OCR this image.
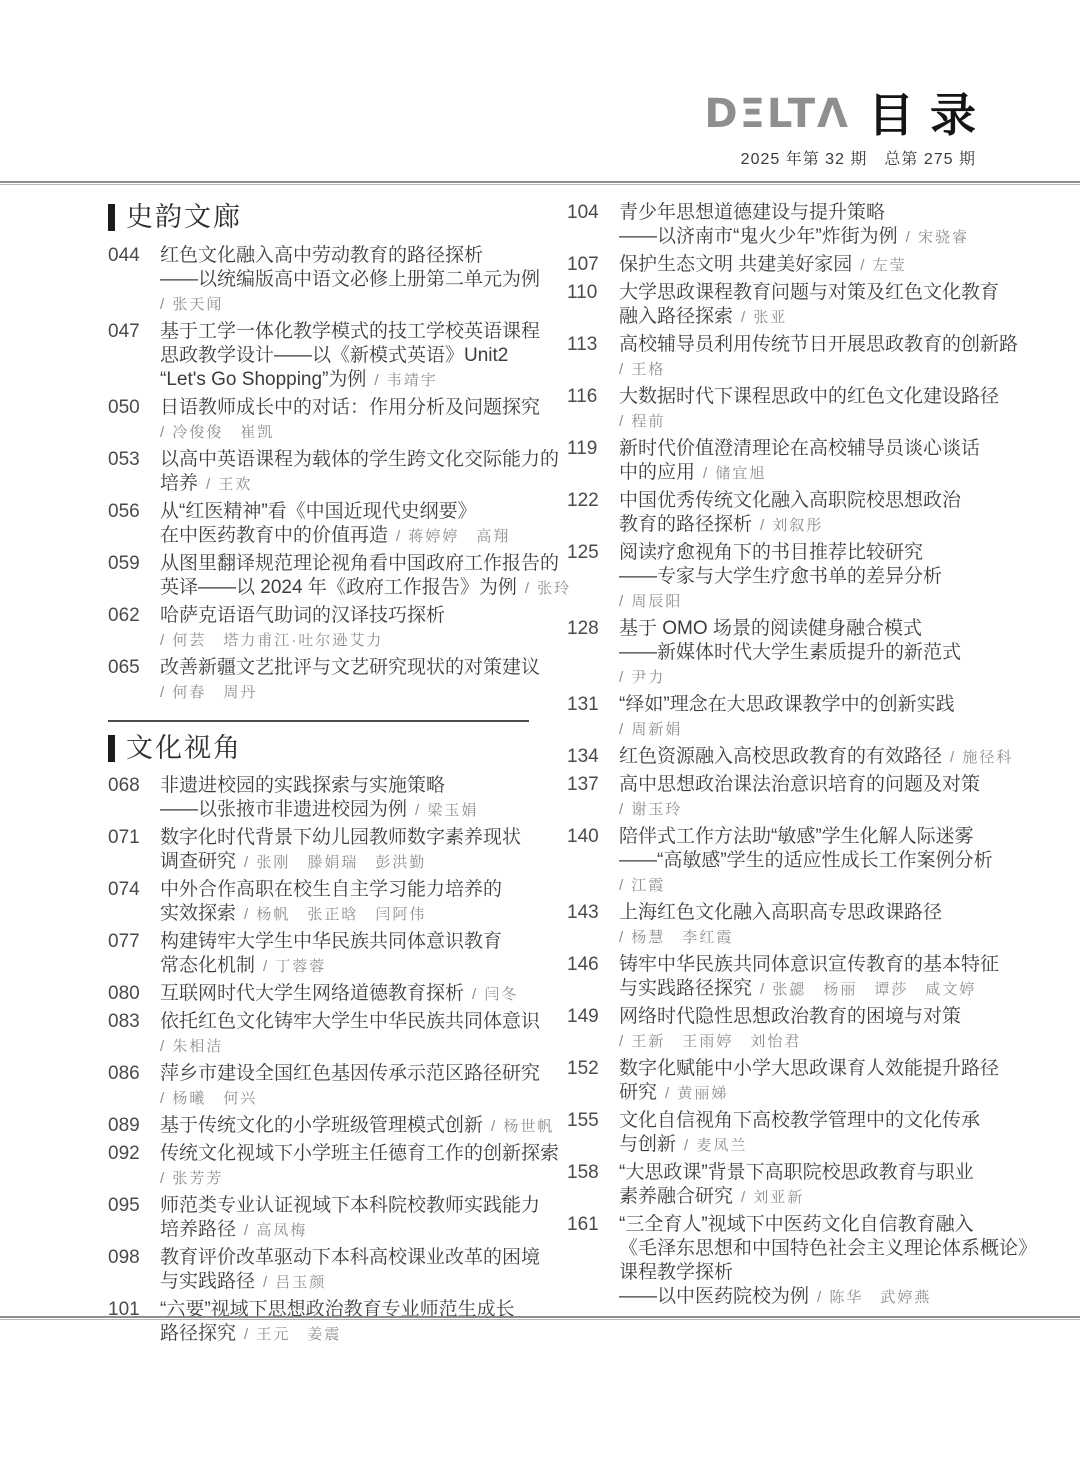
DΞLTΛ 目录
2025 年第 32 期　总第 275 期
史韵文廊
044	红色文化融入高中劳动教育的路径探析
——以统编版高中语文必修上册第二单元为例
/ 张天闻
047	基于工学一体化教学模式的技工学校英语课程
思政教学设计——以《新模式英语》Unit2
“Let's Go Shopping”为例 / 韦靖宇
050	日语教师成长中的对话：作用分析及问题探究
/ 冷俊俊　崔凯
053	以高中英语课程为载体的学生跨文化交际能力的
培养 / 王欢
056	从“红医精神”看《中国近现代史纲要》
在中医药教育中的价值再造 / 蒋婷婷　高翔
059	从图里翻译规范理论视角看中国政府工作报告的
英译——以 2024 年《政府工作报告》为例 / 张玲
062	哈萨克语语气助词的汉译技巧探析
/ 何芸　塔力甫江·吐尔逊艾力
065	改善新疆文艺批评与文艺研究现状的对策建议
/ 何春　周丹
文化视角
068	非遗进校园的实践探索与实施策略
——以张掖市非遗进校园为例 / 梁玉娟
071	数字化时代背景下幼儿园教师数字素养现状
调查研究 / 张刚　滕娟瑞　彭洪勤
074	中外合作高职在校生自主学习能力培养的
实效探索 / 杨帆　张正晗　闫阿伟
077	构建铸牢大学生中华民族共同体意识教育
常态化机制 / 丁蓉蓉
080	互联网时代大学生网络道德教育探析 / 闫冬
083	依托红色文化铸牢大学生中华民族共同体意识
/ 朱相洁
086	萍乡市建设全国红色基因传承示范区路径研究
/ 杨曦　何兴
089	基于传统文化的小学班级管理模式创新 / 杨世帆
092	传统文化视域下小学班主任德育工作的创新探索
/ 张芳芳
095	师范类专业认证视域下本科院校教师实践能力
培养路径 / 高凤梅
098	教育评价改革驱动下本科高校课业改革的困境
与实践路径 / 吕玉颜
101	“六要”视域下思想政治教育专业师范生成长
路径探究 / 王元　姜震
104	青少年思想道德建设与提升策略
——以济南市“鬼火少年”炸街为例 / 宋骁睿
107	保护生态文明 共建美好家园 / 左莹
110	大学思政课程教育问题与对策及红色文化教育
融入路径探索 / 张亚
113	高校辅导员利用传统节日开展思政教育的创新路
/ 王格
116	大数据时代下课程思政中的红色文化建设路径
/ 程前
119	新时代价值澄清理论在高校辅导员谈心谈话
中的应用 / 储宜旭
122	中国优秀传统文化融入高职院校思想政治
教育的路径探析 / 刘叙彤
125	阅读疗愈视角下的书目推荐比较研究
——专家与大学生疗愈书单的差异分析
/ 周辰阳
128	基于 OMO 场景的阅读健身融合模式
——新媒体时代大学生素质提升的新范式
/ 尹力
131	“绎如”理念在大思政课教学中的创新实践
/ 周新娟
134	红色资源融入高校思政教育的有效路径 / 施径科
137	高中思想政治课法治意识培育的问题及对策
/ 谢玉玲
140	陪伴式工作方法助“敏感”学生化解人际迷雾
——“高敏感”学生的适应性成长工作案例分析
/ 江霞
143	上海红色文化融入高职高专思政课路径
/ 杨慧　李红霞
146	铸牢中华民族共同体意识宣传教育的基本特征
与实践路径探究 / 张勰　杨丽　谭莎　咸文婷
149	网络时代隐性思想政治教育的困境与对策
/ 王新　王雨婷　刘怡君
152	数字化赋能中小学大思政课育人效能提升路径
研究 / 黄丽娣
155	文化自信视角下高校教学管理中的文化传承
与创新 / 麦凤兰
158	“大思政课”背景下高职院校思政教育与职业
素养融合研究 / 刘亚新
161	“三全育人”视域下中医药文化自信教育融入
《毛泽东思想和中国特色社会主义理论体系概论》
课程教学探析
——以中医药院校为例 / 陈华　武婷燕
